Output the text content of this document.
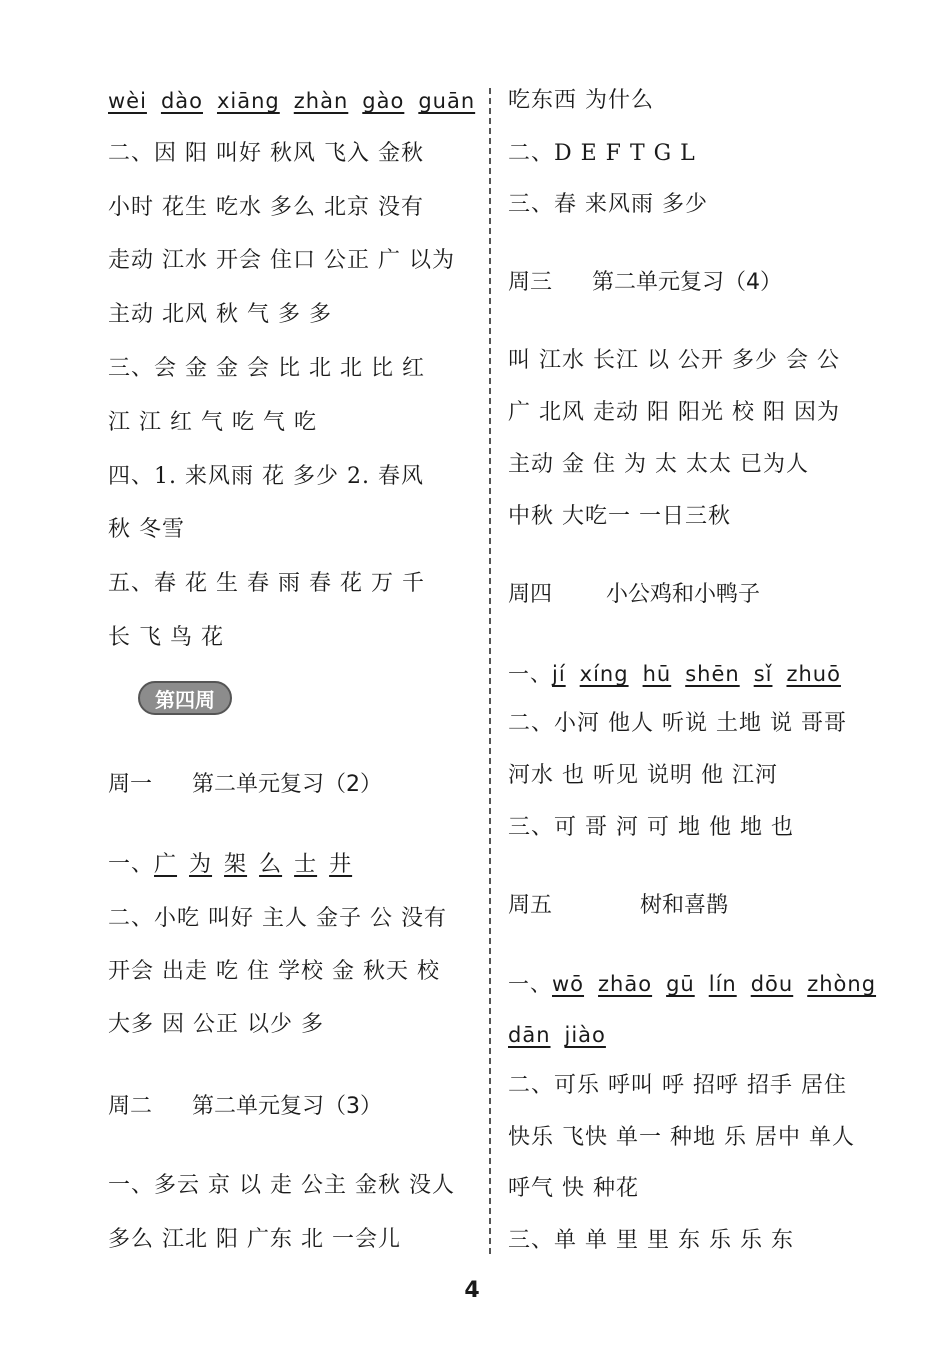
wèi dào xiāng zhàn gào guān
二、因 阳 叫好 秋风 飞入 金秋
小时 花生 吃水 多么 北京 没有
走动 江水 开会 住口 公正 广 以为
主动 北风 秋 气 多 多
三、会 金 金 会 比 北 北 比 红
江 江 红 气 吃 气 吃
四、1. 来风雨 花 多少 2. 春风
秋 冬雪
五、春 花 生 春 雨 春 花 万 千
长 飞 鸟 花
周一 第二单元复习（2）
一、广 为 架 么 士 井
二、小吃 叫好 主人 金子 公 没有
开会 出走 吃 住 学校 金 秋天 校
大多 因 公正 以少 多
周二 第二单元复习（3）
一、多云 京 以 走 公主 金秋 没人
多么 江北 阳 广东 北 一会儿
第四周
吃东西 为什么
二、D E F T G L
三、春 来风雨 多少
周三 第二单元复习（4）
叫 江水 长江 以 公开 多少 会 公
广 北风 走动 阳 阳光 校 阳 因为
主动 金 住 为 太 太太 已为人
中秋 大吃一 一日三秋
周四 小公鸡和小鸭子
一、jí xíng hū shēn sǐ zhuō
二、小河 他人 听说 土地 说 哥哥
河水 也 听见 说明 他 江河
三、可 哥 河 可 地 他 地 也
周五	树和喜鹊
一、wō zhāo gū lín dōu zhòng
dān jiào
二、可乐 呼叫 呼 招呼 招手 居住
快乐 飞快 单一 种地 乐 居中 单人
呼气 快 种花
三、单 单 里 里 东 乐 乐 东
4
